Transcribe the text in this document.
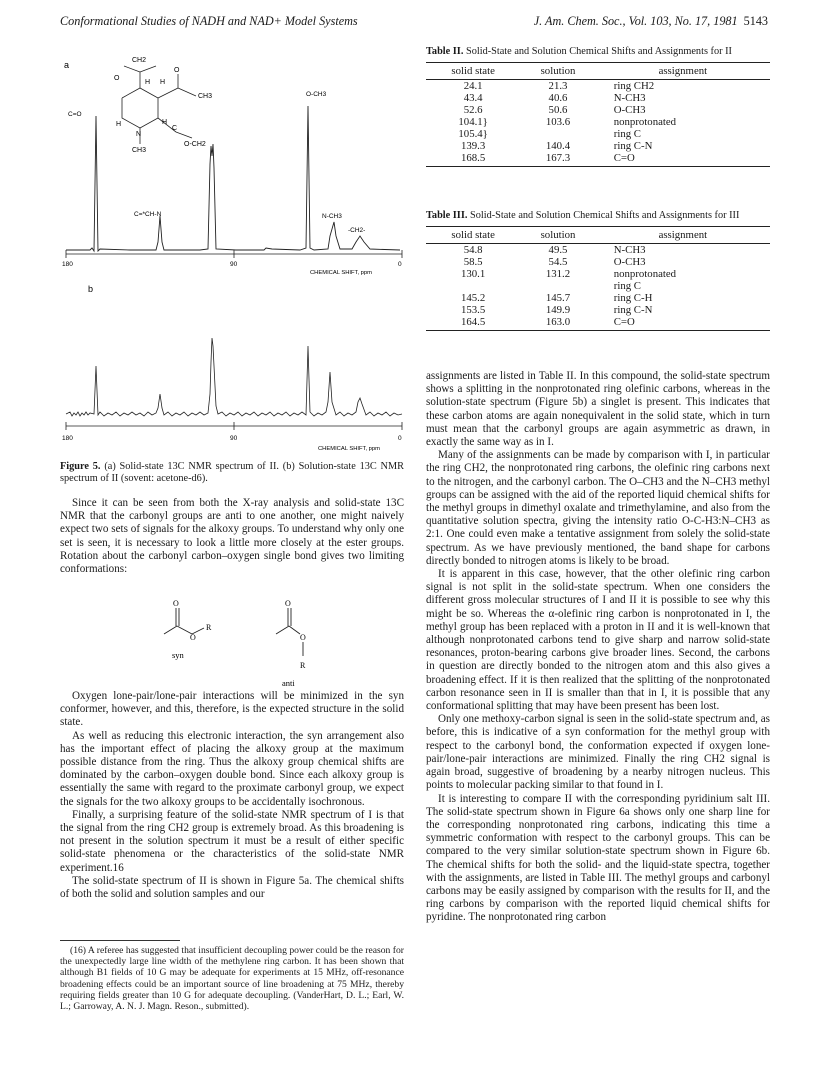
Conformational Studies of NADH and NAD+ Model Systems	J. Am. Chem. Soc., Vol. 103, No. 17, 1981 5143
a	CH2
O
H H
O
CH3
N
H	H
CH3
C
O-CH2
C=O
O-CH3
C=*CH-N	N-CH3
-CH2-
180	90	0
CHEMICAL SHIFT, ppm
b
180	90	0
CHEMICAL SHIFT, ppm
Figure 5. (a) Solid-state 13C NMR spectrum of II. (b) Solution-state 13C NMR spectrum of II (sovent: acetone-d6).

Since it can be seen from both the X-ray analysis and solid-state 13C NMR that the carbonyl groups are anti to one another, one might naively expect two sets of signals for the alkoxy groups. To understand why only one set is seen, it is necessary to look a little more closely at the ester groups. Rotation about the carbonyl carbon–oxygen single bond gives two limiting conformations:

O
O
R
syn
O
O
R
anti

Oxygen lone-pair/lone-pair interactions will be minimized in the syn conformer, however, and this, therefore, is the expected structure in the solid state.

As well as reducing this electronic interaction, the syn arrangement also has the important effect of placing the alkoxy group at the maximum possible distance from the ring. Thus the alkoxy group chemical shifts are dominated by the carbon–oxygen double bond. Since each alkoxy group is essentially the same with regard to the proximate carbonyl group, we expect the signals for the two alkoxy groups to be accidentally isochronous.

Finally, a surprising feature of the solid-state NMR spectrum of I is that the signal from the ring CH2 group is extremely broad. As this broadening is not present in the solution spectrum it must be a result of either specific solid-state phenomena or the characteristics of the solid-state NMR experiment.16

The solid-state spectrum of II is shown in Figure 5a. The chemical shifts of both the solid and solution samples and our

(16) A referee has suggested that insufficient decoupling power could be the reason for the unexpectedly large line width of the methylene ring carbon. It has been shown that although B1 fields of 10 G may be adequate for experiments at 15 MHz, off-resonance broadening effects could be an important source of line broadening at 75 MHz, thereby requiring fields greater than 10 G for adequate decoupling. (VanderHart, D. L.; Earl, W. L.; Garroway, A. N. J. Magn. Reson., submitted).

Table II. Solid-State and Solution Chemical Shifts and Assignments for II

solid state	solution	assignment
24.1	21.3	ring CH2
43.4	40.6	N-CH3
52.6	50.6	O-CH3
104.1}	103.6	nonprotonated
105.4}		ring C
139.3	140.4	ring C-N
168.5	167.3	C=O

Table III. Solid-State and Solution Chemical Shifts and Assignments for III

solid state	solution	assignment
54.8	49.5	N-CH3
58.5	54.5	O-CH3
130.1	131.2	nonprotonated
		ring C
145.2	145.7	ring C-H
153.5	149.9	ring C-N
164.5	163.0	C=O

assignments are listed in Table II. In this compound, the solid-state spectrum shows a splitting in the nonprotonated ring olefinic carbons, whereas in the solution-state spectrum (Figure 5b) a singlet is present. This indicates that these carbon atoms are again nonequivalent in the solid state, which in turn must mean that the carbonyl groups are again asymmetric as drawn, in exactly the same way as in I.

Many of the assignments can be made by comparison with I, in particular the ring CH2, the nonprotonated ring carbons, the olefinic ring carbons next to the nitrogen, and the carbonyl carbon. The O–CH3 and the N–CH3 methyl groups can be assigned with the aid of the reported liquid chemical shifts for the methyl groups in dimethyl oxalate and trimethylamine, and also from the quantitative solution spectra, giving the intensity ratio O-C-H3:N–CH3 as 2:1. One could even make a tentative assignment from solely the solid-state spectrum. As we have previously mentioned, the band shape for carbons directly bonded to nitrogen atoms is likely to be broad.

It is apparent in this case, however, that the other olefinic ring carbon signal is not split in the solid-state spectrum. When one considers the different gross molecular structures of I and II it is possible to see why this might be so. Whereas the α-olefinic ring carbon is nonprotonated in I, the methyl group has been replaced with a proton in II and it is well-known that although nonprotonated carbons tend to give sharp and narrow solid-state resonances, proton-bearing carbons give broader lines. Second, the carbons in question are directly bonded to the nitrogen atom and this also gives a broadening effect. If it is then realized that the splitting of the nonprotonated carbon resonance seen in II is smaller than that in I, it is possible that any conformational splitting that may have been present has been lost.

Only one methoxy-carbon signal is seen in the solid-state spectrum and, as before, this is indicative of a syn conformation for the methyl group with respect to the carbonyl bond, the conformation expected if oxygen lone-pair/lone-pair interactions are minimized. Finally the ring CH2 signal is again broad, suggestive of broadening by a nearby nitrogen nucleus. This points to molecular packing similar to that found in I.

It is interesting to compare II with the corresponding pyridinium salt III. The solid-state spectrum shown in Figure 6a shows only one sharp line for the corresponding nonprotonated ring carbons, indicating this time a symmetric conformation with respect to the carbonyl groups. This can be compared to the very similar solution-state spectrum shown in Figure 6b. The chemical shifts for both the solid- and the liquid-state spectra, together with the assignments, are listed in Table III. The methyl groups and carbonyl carbons may be easily assigned by comparison with the results for II, and the ring carbons by comparison with the reported liquid chemical shifts for pyridine. The nonprotonated ring carbon
